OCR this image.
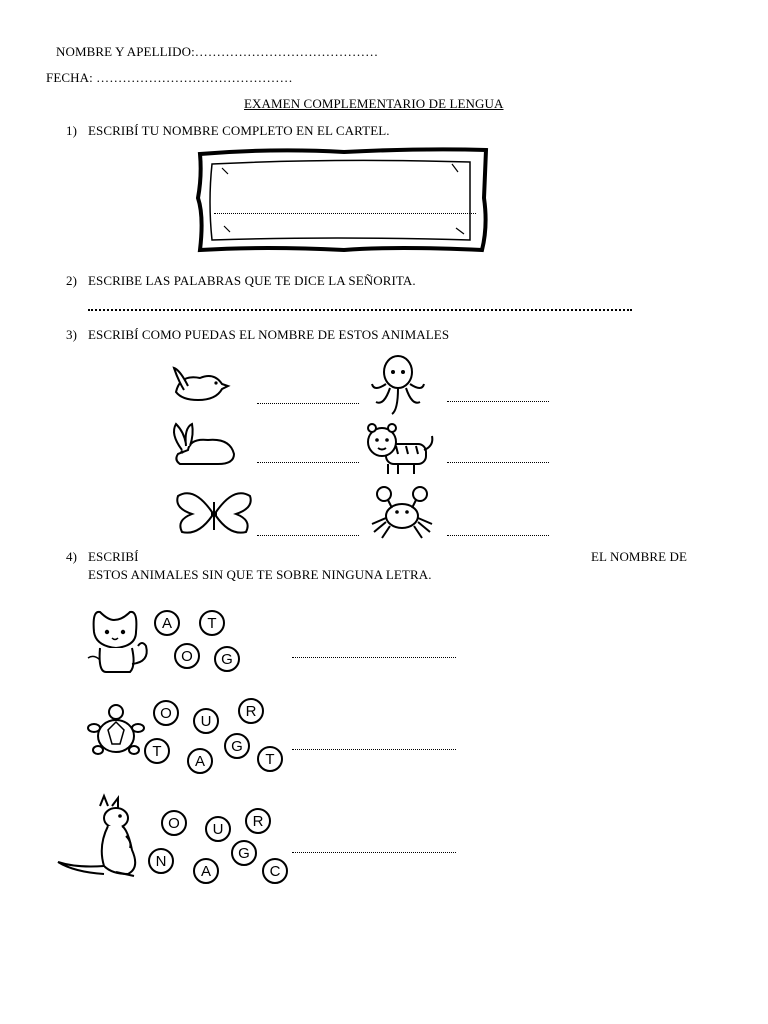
NOMBRE Y APELLIDO:……………………………………
FECHA: ………………………………………
EXAMEN COMPLEMENTARIO DE LENGUA
1) ESCRIBÍ TU NOMBRE COMPLETO EN EL CARTEL.
2) ESCRIBE LAS PALABRAS QUE TE DICE LA SEÑORITA.
3) ESCRIBÍ COMO PUEDAS EL NOMBRE DE ESTOS ANIMALES
4) ESCRIBÍ	EL NOMBRE DE
ESTOS ANIMALES SIN QUE TE SOBRE NINGUNA LETRA.
A	T
O	G
O	U
R
G
T
A	T
O	U	R
G
N
A	C
